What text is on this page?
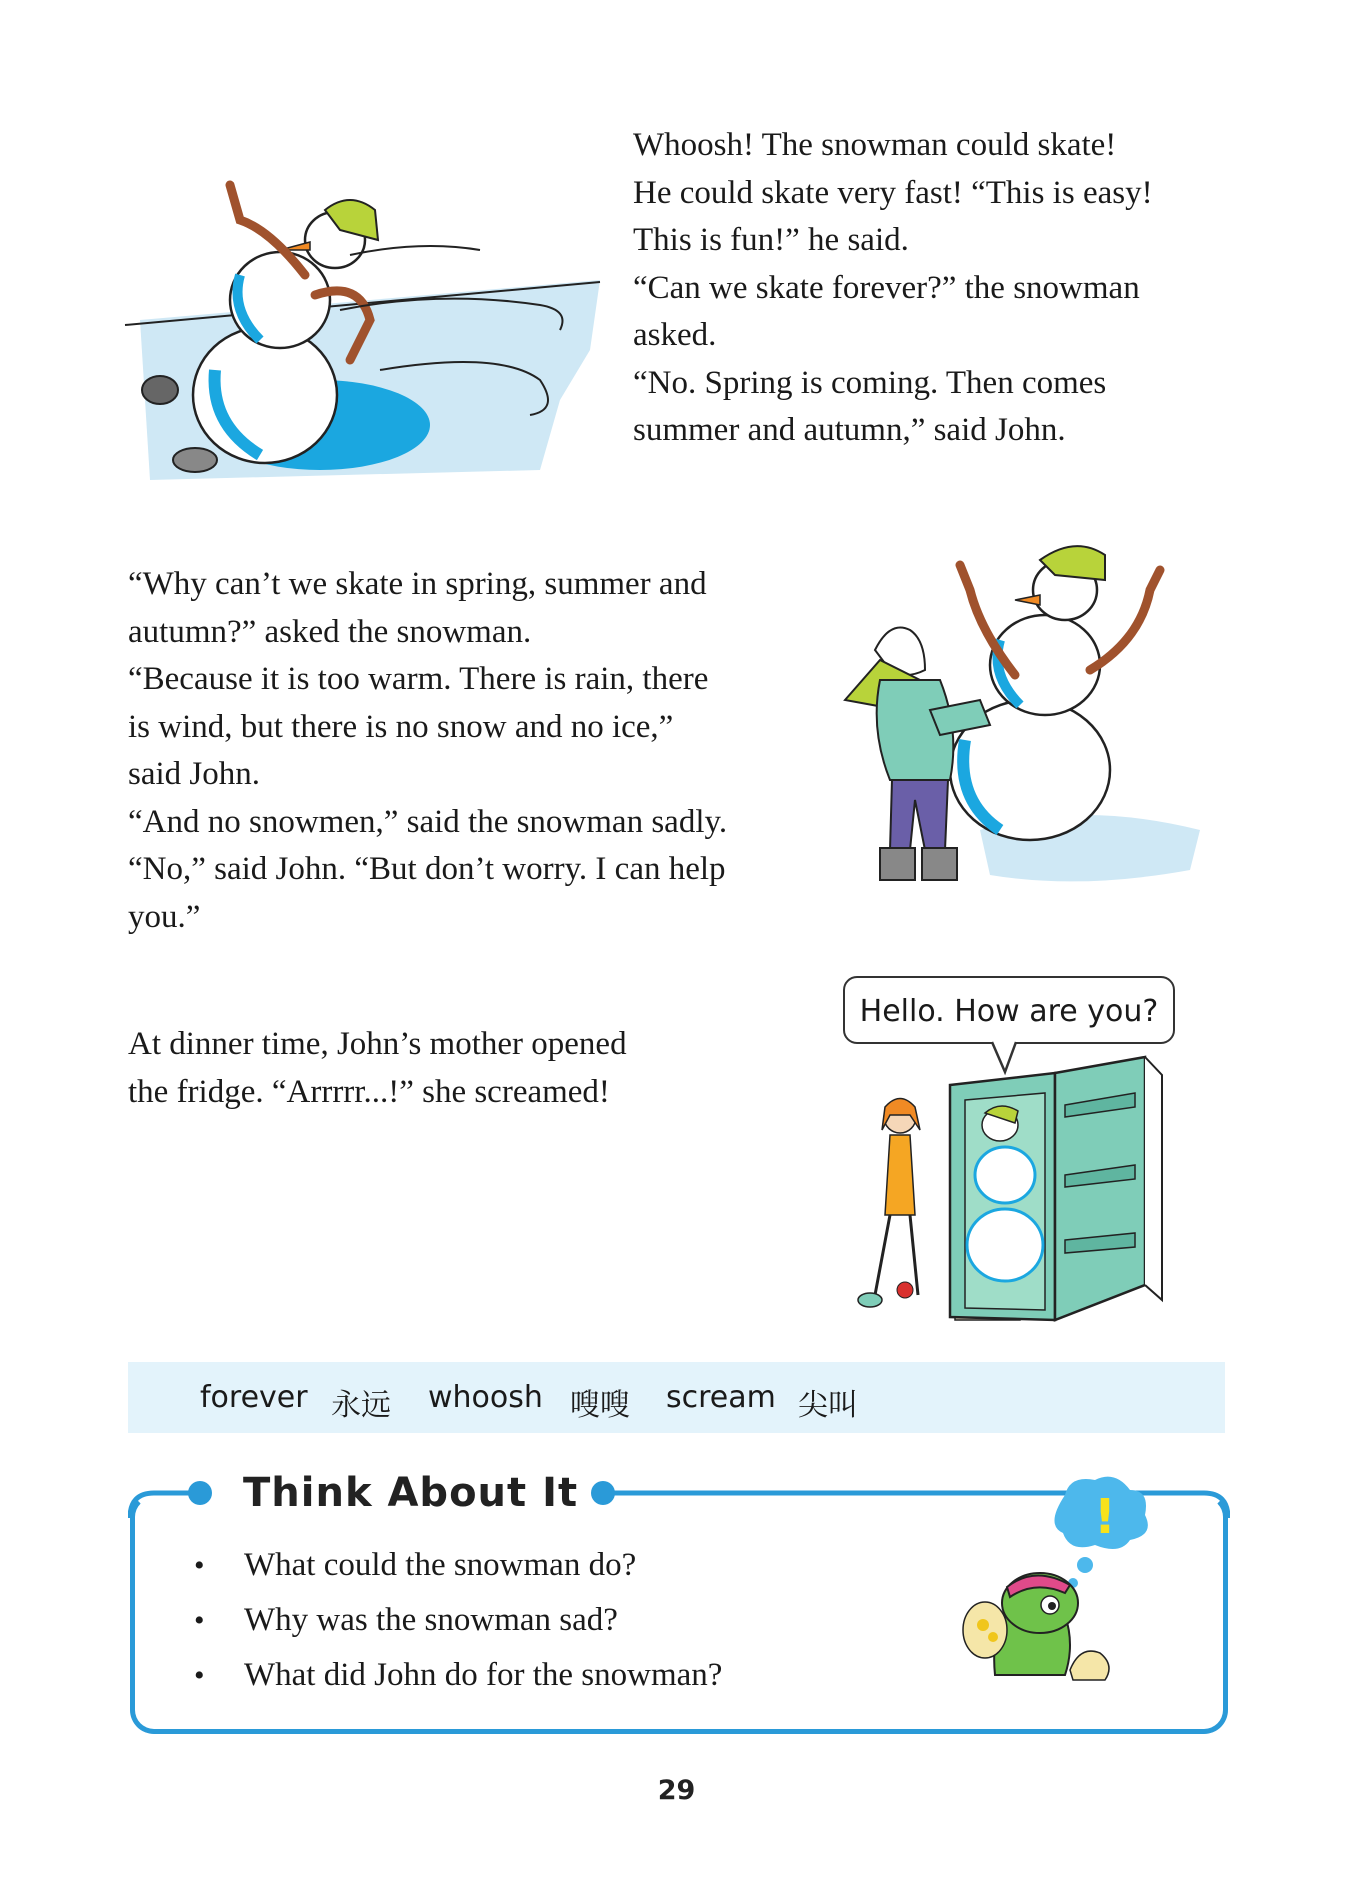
Whoosh! The snowman could skate!

He could skate very fast! “This is easy!

This is fun!” he said.

“Can we skate forever?” the snowman

asked.

“No. Spring is coming. Then comes

summer and autumn,” said John.

“Why can’t we skate in spring, summer and

autumn?” asked the snowman.

“Because it is too warm. There is rain, there

is wind, but there is no snow and no ice,”

said John.

“And no snowmen,” said the snowman sadly.

“No,” said John. “But don’t worry. I can help

you.”

Hello. How are you?

At dinner time, John’s mother opened

the fridge. “Arrrrr...!” she screamed!

forever 永远 whoosh 嗖嗖 scream 尖叫
Think About It
• What could the snowman do?
• Why was the snowman sad?
• What did John do for the snowman?
!
29
